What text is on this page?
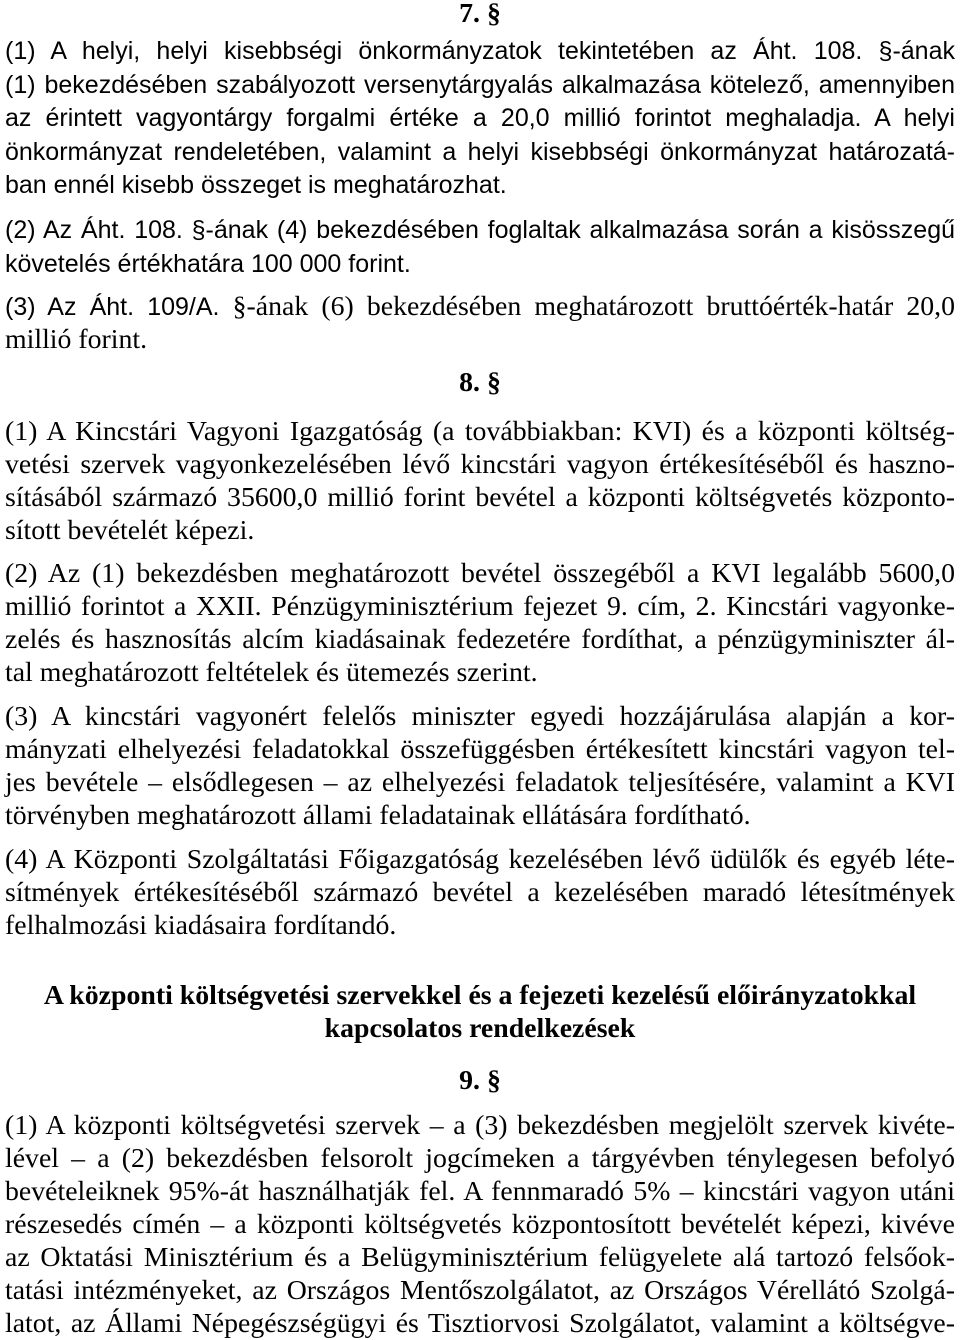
7. §
(1) A helyi, helyi kisebbségi önkormányzatok tekintetében az Áht. 108. §-ának
(1) bekezdésében szabályozott versenytárgyalás alkalmazása kötelező, amennyiben
az érintett vagyontárgy forgalmi értéke a 20,0 millió forintot meghaladja. A helyi
önkormányzat rendeletében, valamint a helyi kisebbségi önkormányzat határozatá-
ban ennél kisebb összeget is meghatározhat.
(2) Az Áht. 108. §-ának (4) bekezdésében foglaltak alkalmazása során a kisösszegű
követelés értékhatára 100 000 forint.
(3) Az Áht. 109/A. §-ának (6) bekezdésében meghatározott bruttóérték-határ 20,0
millió forint.
8. §
(1) A Kincstári Vagyoni Igazgatóság (a továbbiakban: KVI) és a központi költség-
vetési szervek vagyonkezelésében lévő kincstári vagyon értékesítéséből és haszno-
sításából származó 35600,0 millió forint bevétel a központi költségvetés központo-
sított bevételét képezi.
(2) Az (1) bekezdésben meghatározott bevétel összegéből a KVI legalább 5600,0
millió forintot a XXII. Pénzügyminisztérium fejezet 9. cím, 2. Kincstári vagyonke-
zelés és hasznosítás alcím kiadásainak fedezetére fordíthat, a pénzügyminiszter ál-
tal meghatározott feltételek és ütemezés szerint.
(3) A kincstári vagyonért felelős miniszter egyedi hozzájárulása alapján a kor-
mányzati elhelyezési feladatokkal összefüggésben értékesített kincstári vagyon tel-
jes bevétele – elsődlegesen – az elhelyezési feladatok teljesítésére, valamint a KVI
törvényben meghatározott állami feladatainak ellátására fordítható.
(4) A Központi Szolgáltatási Főigazgatóság kezelésében lévő üdülők és egyéb léte-
sítmények értékesítéséből származó bevétel a kezelésében maradó létesítmények
felhalmozási kiadásaira fordítandó.
A központi költségvetési szervekkel és a fejezeti kezelésű előirányzatokkal
kapcsolatos rendelkezések
9. §
(1) A központi költségvetési szervek – a (3) bekezdésben megjelölt szervek kivéte-
lével – a (2) bekezdésben felsorolt jogcímeken a tárgyévben ténylegesen befolyó
bevételeiknek 95%-át használhatják fel. A fennmaradó 5% – kincstári vagyon utáni
részesedés címén – a központi költségvetés központosított bevételét képezi, kivéve
az Oktatási Minisztérium és a Belügyminisztérium felügyelete alá tartozó felsőok-
tatási intézményeket, az Országos Mentőszolgálatot, az Országos Vérellátó Szolgá-
latot, az Állami Népegészségügyi és Tisztiorvosi Szolgálatot, valamint a költségve-
